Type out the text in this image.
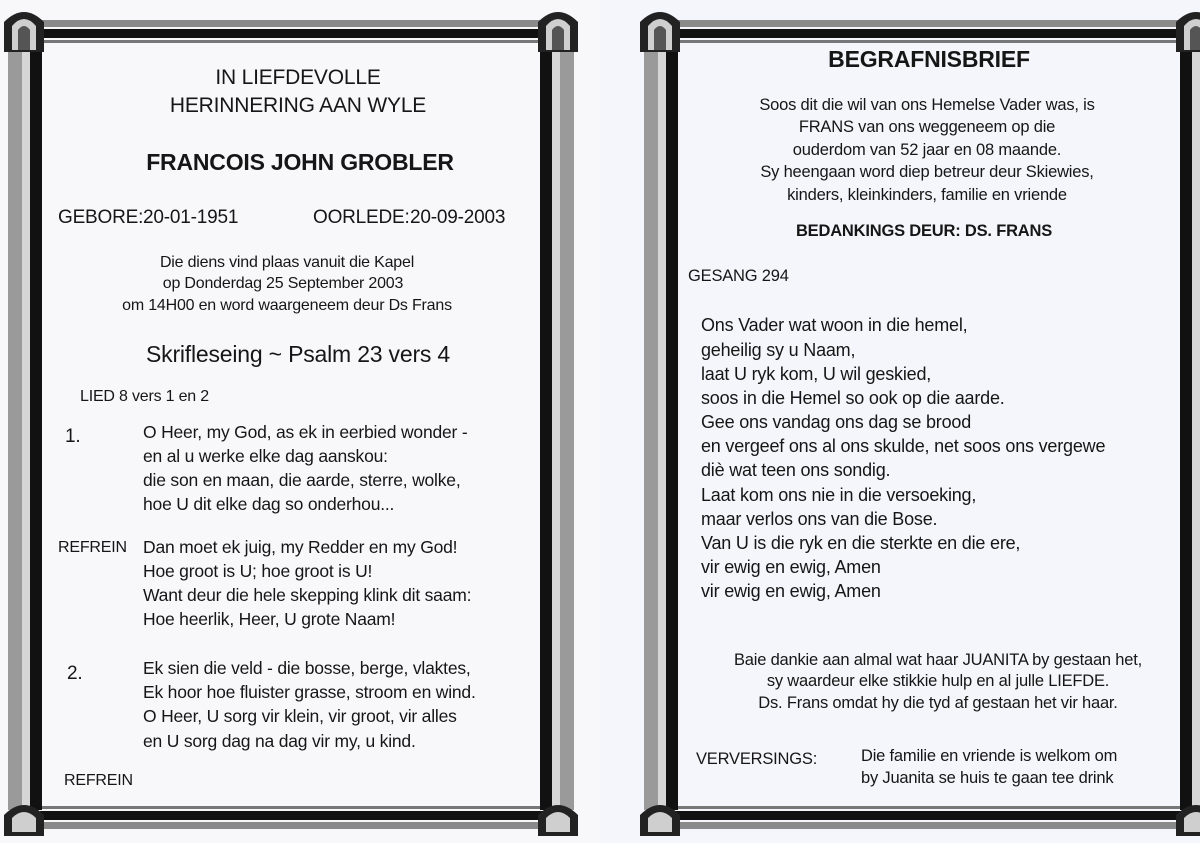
IN LIEFDEVOLLE
HERINNERING AAN WYLE
FRANCOIS JOHN GROBLER
GEBORE: 20-01-1951	OORLEDE: 20-09-2003
Die diens vind plaas vanuit die Kapel
op Donderdag 25 September 2003
om 14H00 en word waargeneem deur Ds Frans
Skrifleseing ~ Psalm 23 vers 4
LIED 8 vers 1 en 2
1.	O Heer, my God, as ek in eerbied wonder -
en al u werke elke dag aanskou:
die son en maan, die aarde, sterre, wolke,
hoe U dit elke dag so onderhou...
REFREIN Dan moet ek juig, my Redder en my God!
Hoe groot is U; hoe groot is U!
Want deur die hele skepping klink dit saam:
Hoe heerlik, Heer, U grote Naam!
2.	Ek sien die veld - die bosse, berge, vlaktes,
Ek hoor hoe fluister grasse, stroom en wind.
O Heer, U sorg vir klein, vir groot, vir alles
en U sorg dag na dag vir my, u kind.
REFREIN
BEGRAFNISBRIEF
Soos dit die wil van ons Hemelse Vader was, is
FRANS van ons weggeneem op die
ouderdom van 52 jaar en 08 maande.
Sy heengaan word diep betreur deur Skiewies,
kinders, kleinkinders, familie en vriende
BEDANKINGS DEUR: DS. FRANS
GESANG 294
Ons Vader wat woon in die hemel,
geheilig sy u Naam,
laat U ryk kom, U wil geskied,
soos in die Hemel so ook op die aarde.
Gee ons vandag ons dag se brood
en vergeef ons al ons skulde, net soos ons vergewe
diè wat teen ons sondig.
Laat kom ons nie in die versoeking,
maar verlos ons van die Bose.
Van U is die ryk en die sterkte en die ere,
vir ewig en ewig, Amen
vir ewig en ewig, Amen
Baie dankie aan almal wat haar JUANITA by gestaan het,
sy waardeur elke stikkie hulp en al julle LIEFDE.
Ds. Frans omdat hy die tyd af gestaan het vir haar.
VERVERSINGS:	Die familie en vriende is welkom om
by Juanita se huis te gaan tee drink
